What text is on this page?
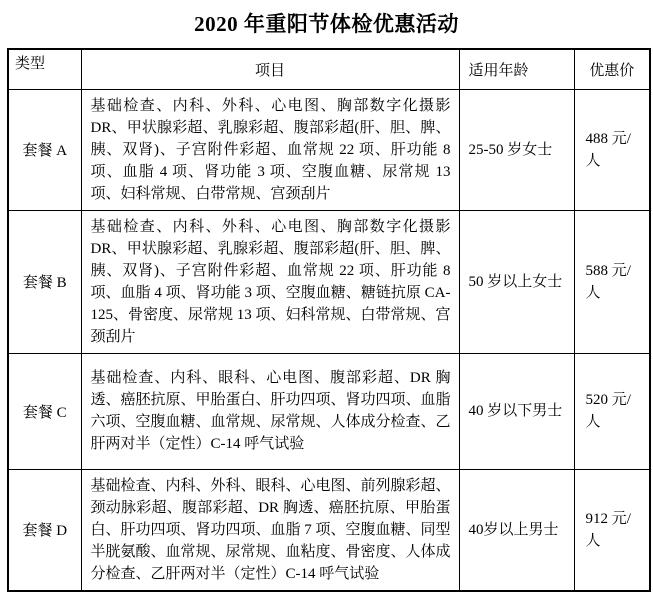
2020 年重阳节体检优惠活动
类型	项目	适用年龄	优惠价
套餐 A	基础检查、内科、外科、心电图、胸部数字化摄影 DR、甲状腺彩超、乳腺彩超、腹部彩超(肝、胆、脾、胰、双肾)、子宫附件彩超、血常规 22 项、肝功能 8 项、血脂 4 项、肾功能 3 项、空腹血糖、尿常规 13 项、妇科常规、白带常规、宫颈刮片	25-50 岁女士	488 元/人
套餐 B	基础检查、内科、外科、心电图、胸部数字化摄影 DR、甲状腺彩超、乳腺彩超、腹部彩超(肝、胆、脾、胰、双肾)、子宫附件彩超、血常规 22 项、肝功能 8 项、血脂 4 项、肾功能 3 项、空腹血糖、糖链抗原 CA-125、骨密度、尿常规 13 项、妇科常规、白带常规、宫颈刮片	50 岁以上女士	588 元/人
套餐 C	基础检查、内科、眼科、心电图、腹部彩超、DR 胸透、癌胚抗原、甲胎蛋白、肝功四项、肾功四项、血脂六项、空腹血糖、血常规、尿常规、人体成分检查、乙肝两对半（定性）C-14 呼气试验	40 岁以下男士	520 元/人
套餐 D	基础检查、内科、外科、眼科、心电图、前列腺彩超、颈动脉彩超、腹部彩超、DR 胸透、癌胚抗原、甲胎蛋白、肝功四项、肾功四项、血脂 7 项、空腹血糖、同型半胱氨酸、血常规、尿常规、血粘度、骨密度、人体成分检查、乙肝两对半（定性）C-14 呼气试验	40岁以上男士	912 元/人
